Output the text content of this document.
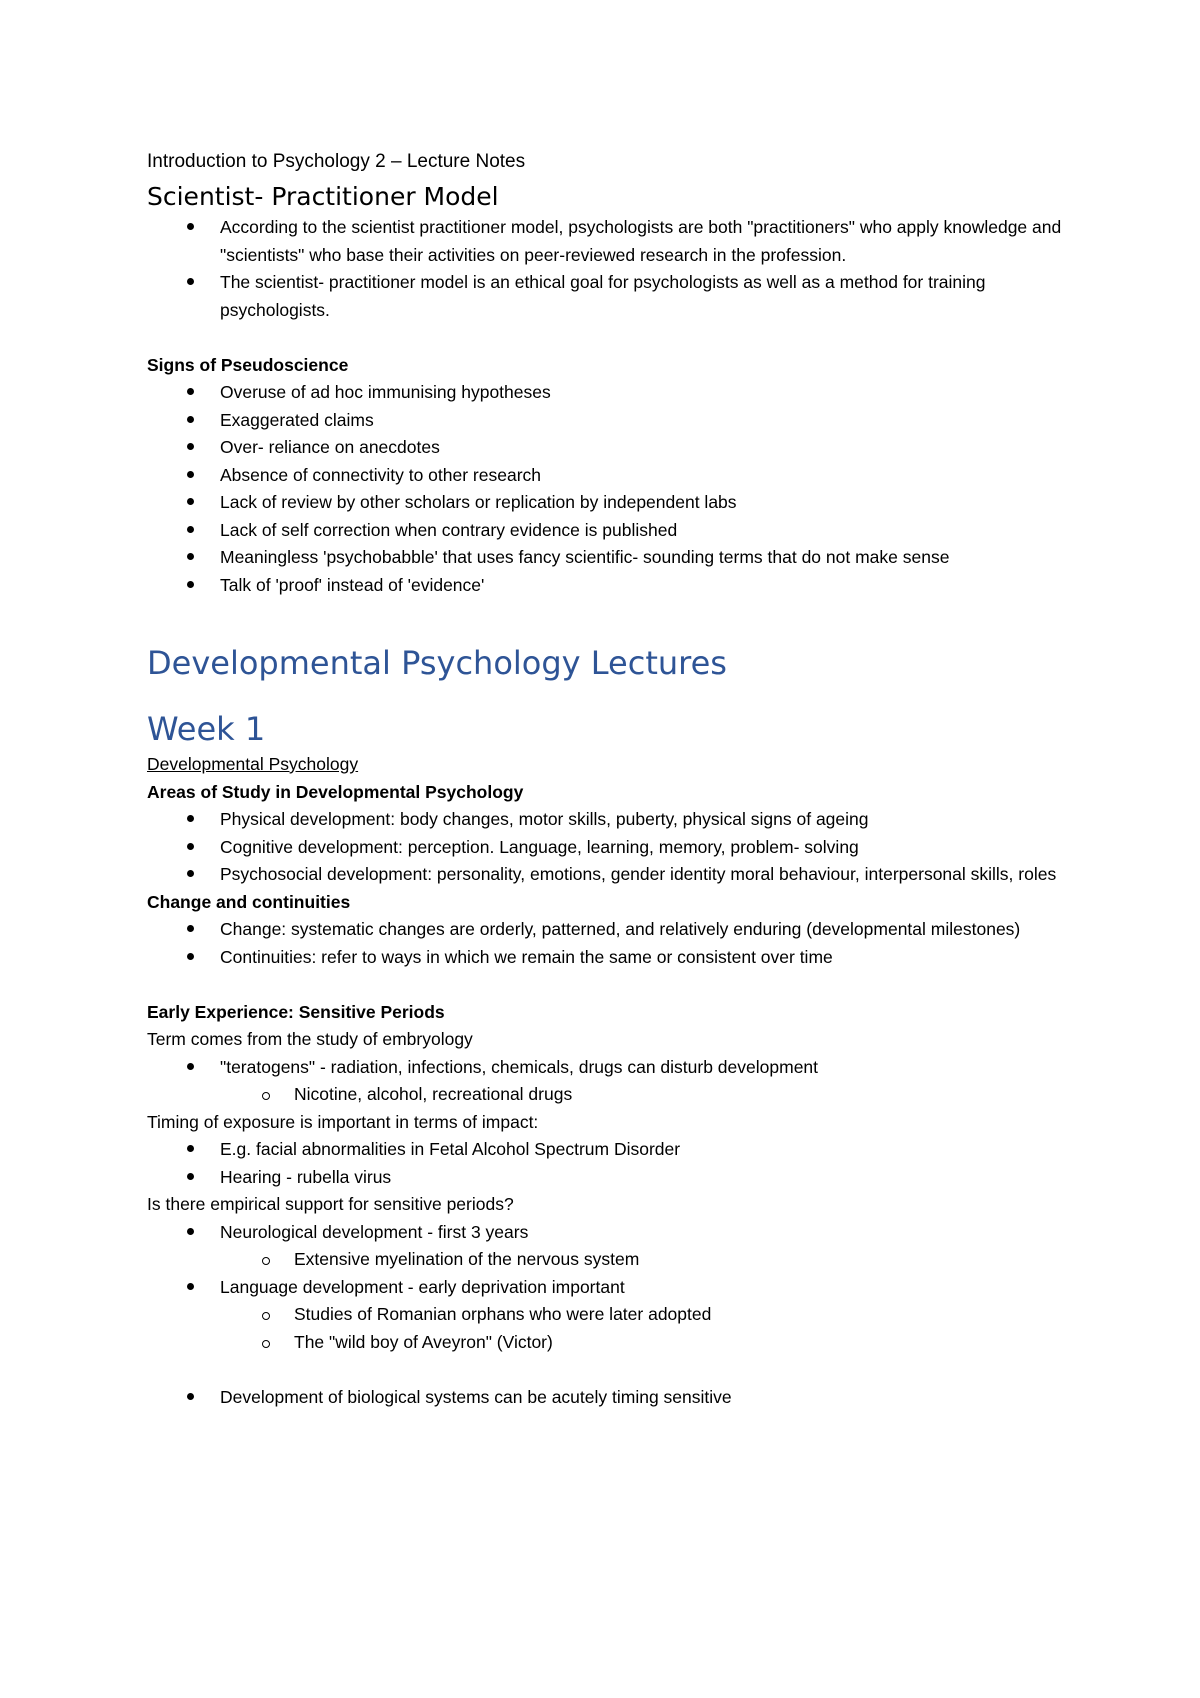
Introduction to Psychology 2 – Lecture Notes

Scientist- Practitioner Model

According to the scientist practitioner model, psychologists are both "practitioners" who apply knowledge and "scientists" who base their activities on peer-reviewed research in the profession.
The scientist- practitioner model is an ethical goal for psychologists as well as a method for training psychologists.

Signs of Pseudoscience

Overuse of ad hoc immunising hypotheses
Exaggerated claims
Over- reliance on anecdotes
Absence of connectivity to other research
Lack of review by other scholars or replication by independent labs
Lack of self correction when contrary evidence is published
Meaningless 'psychobabble' that uses fancy scientific- sounding terms that do not make sense
Talk of 'proof' instead of 'evidence'

Developmental Psychology Lectures

Week 1

Developmental Psychology

Areas of Study in Developmental Psychology

Physical development: body changes, motor skills, puberty, physical signs of ageing
Cognitive development: perception. Language, learning, memory, problem- solving
Psychosocial development: personality, emotions, gender identity moral behaviour, interpersonal skills, roles

Change and continuities

Change: systematic changes are orderly, patterned, and relatively enduring (developmental milestones)
Continuities: refer to ways in which we remain the same or consistent over time

Early Experience: Sensitive Periods

Term comes from the study of embryology

"teratogens" - radiation, infections, chemicals, drugs can disturb development
Nicotine, alcohol, recreational drugs

Timing of exposure is important in terms of impact:

E.g. facial abnormalities in Fetal Alcohol Spectrum Disorder
Hearing - rubella virus

Is there empirical support for sensitive periods?

Neurological development - first 3 years
Extensive myelination of the nervous system
Language development - early deprivation important
Studies of Romanian orphans who were later adopted
The "wild boy of Aveyron" (Victor)
Development of biological systems can be acutely timing sensitive
